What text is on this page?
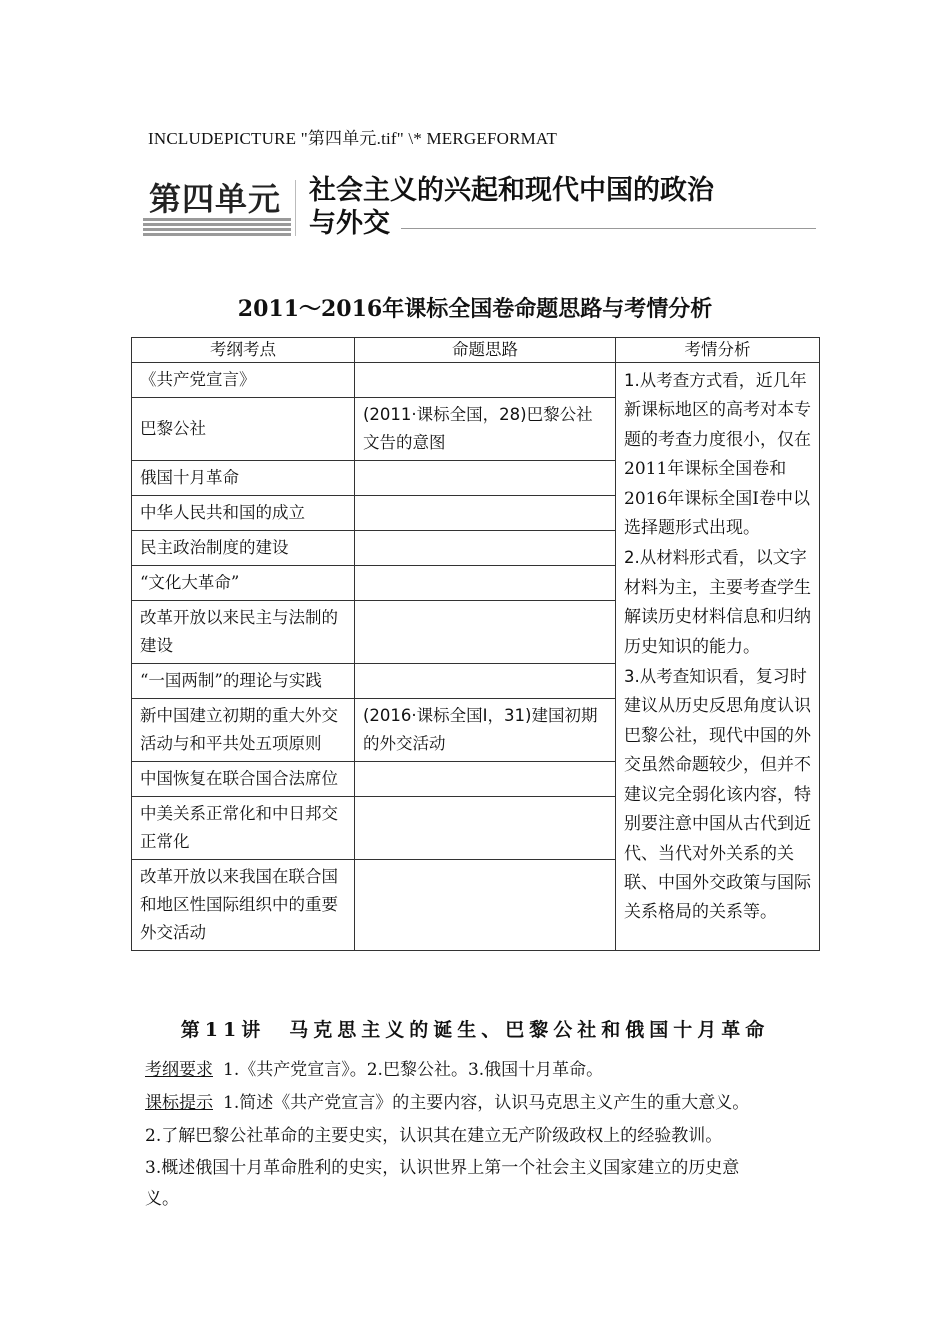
INCLUDEPICTURE "第四单元.tif" \* MERGEFORMAT
第四单元 社会主义的兴起和现代中国的政治
与外交
2011～2016年课标全国卷命题思路与考情分析
考纲考点	命题思路	考情分析
《共产党宣言》		1.从考查方式看，近几年新课标地区的高考对本专题的考查力度很小，仅在2011年课标全国卷和2016年课标全国Ⅰ卷中以选择题形式出现。
2.从材料形式看，以文字材料为主，主要考查学生解读历史材料信息和归纳历史知识的能力。
3.从考查知识看，复习时建议从历史反思角度认识巴黎公社，现代中国的外交虽然命题较少，但并不建议完全弱化该内容，特别要注意中国从古代到近代、当代对外关系的关联、中国外交政策与国际关系格局的关系等。

巴黎公社	(2011·课标全国，28)巴黎公社文告的意图	
俄国十月革命		
中华人民共和国的成立		
民主政治制度的建设		
“文化大革命”		
改革开放以来民主与法制的建设		
“一国两制”的理论与实践		
新中国建立初期的重大外交活动与和平共处五项原则	(2016·课标全国Ⅰ，31)建国初期的外交活动	
中国恢复在联合国合法席位		
中美关系正常化和中日邦交正常化		
改革开放以来我国在联合国和地区性国际组织中的重要外交活动		
第11讲　马克思主义的诞生、巴黎公社和俄国十月革命
考纲要求 1.《共产党宣言》。2.巴黎公社。3.俄国十月革命。
课标提示 1.简述《共产党宣言》的主要内容，认识马克思主义产生的重大意义。
2.了解巴黎公社革命的主要史实，认识其在建立无产阶级政权上的经验教训。
3.概述俄国十月革命胜利的史实，认识世界上第一个社会主义国家建立的历史意
义。
